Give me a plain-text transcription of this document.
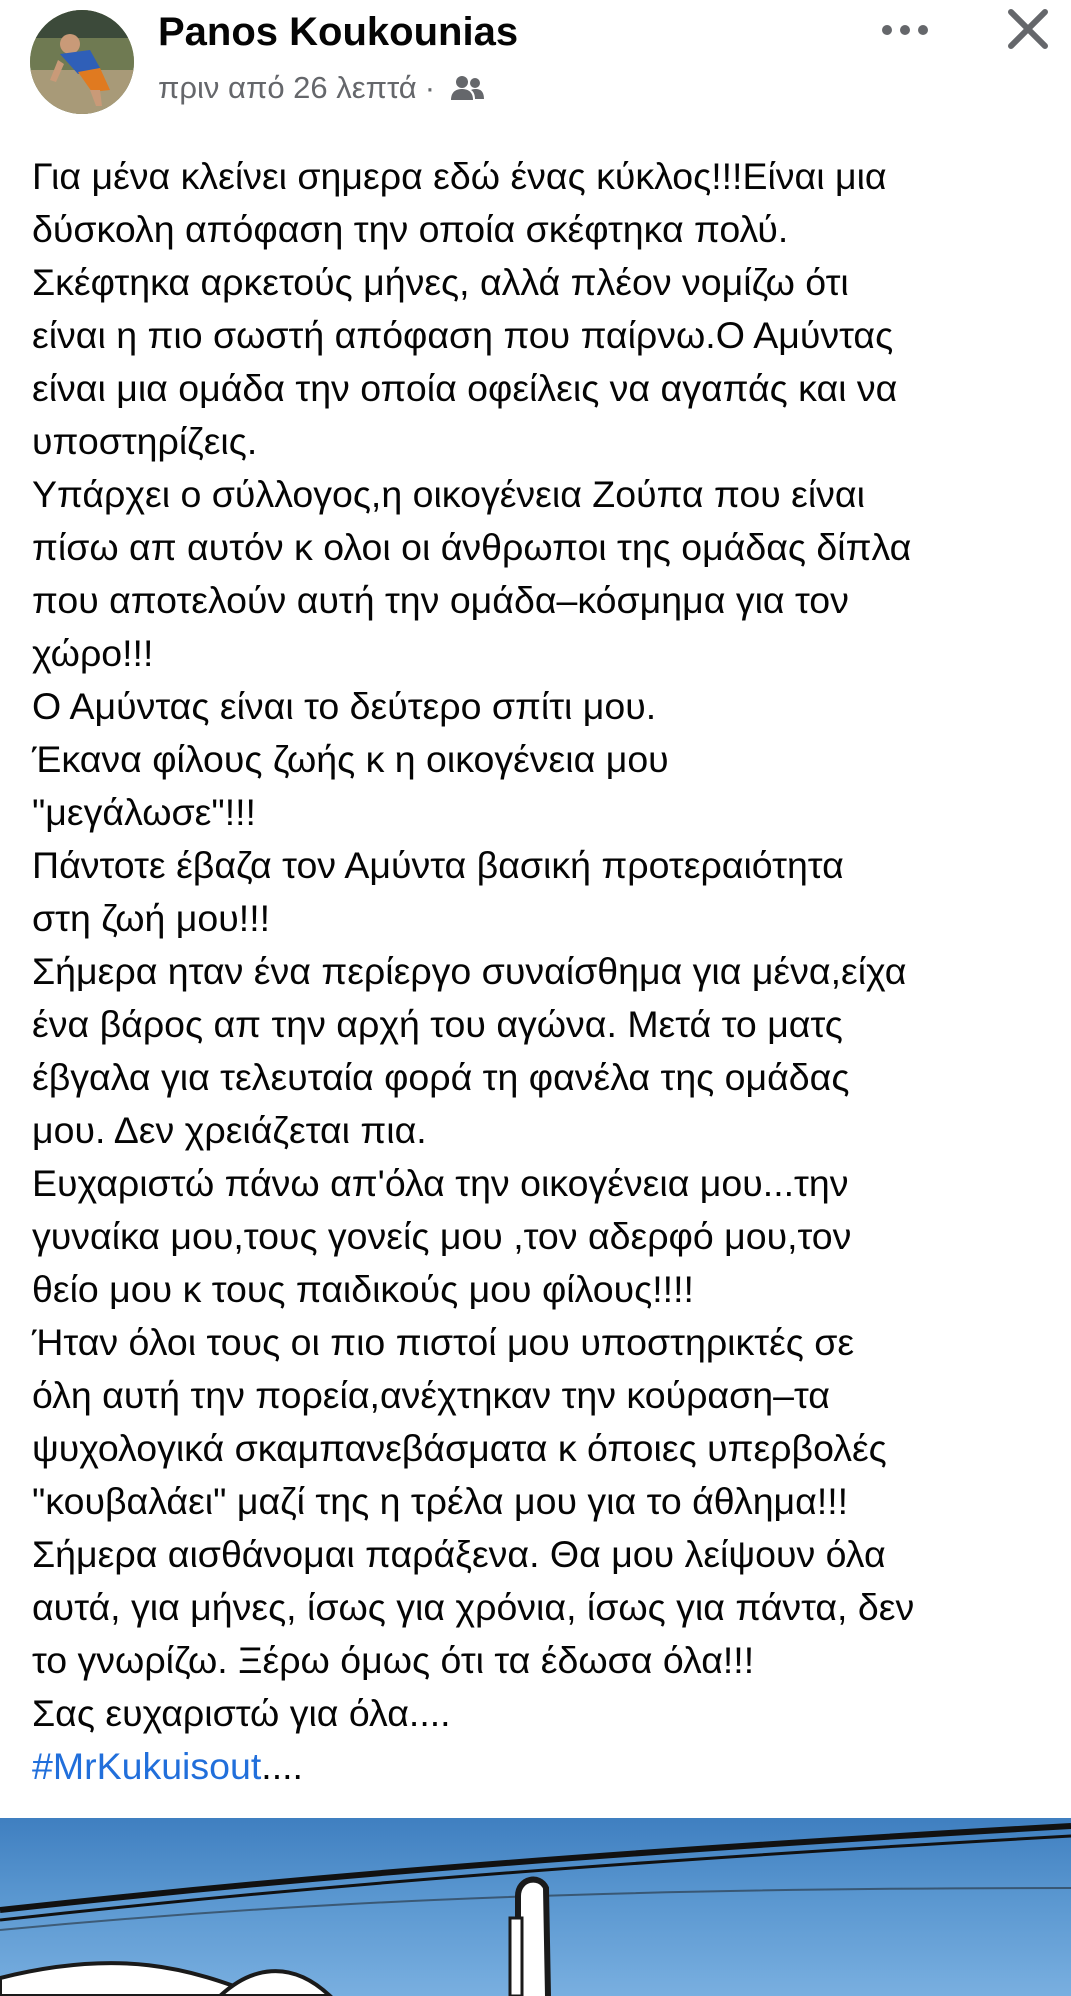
Panos Koukounias
πριν από 26 λεπτά ·
Για μένα κλείνει σημερα εδώ ένας κύκλος!!!Είναι μια
δύσκολη απόφαση την οποία σκέφτηκα πολύ.
Σκέφτηκα αρκετούς μήνες, αλλά πλέον νομίζω ότι
είναι η πιο σωστή απόφαση που παίρνω.Ο Αμύντας
είναι μια ομάδα την οποία οφείλεις να αγαπάς και να
υποστηρίζεις.
Υπάρχει ο σύλλογος,η οικογένεια Ζούπα που είναι
πίσω απ αυτόν κ ολοι οι άνθρωποι της ομάδας δίπλα
που αποτελούν αυτή την ομάδα–κόσμημα για τον
χώρο!!!
Ο Αμύντας είναι το δεύτερο σπίτι μου.
Έκανα φίλους ζωής κ η οικογένεια μου
"μεγάλωσε"!!!
Πάντοτε έβαζα τον Αμύντα βασική προτεραιότητα
στη ζωή μου!!!
Σήμερα ηταν ένα περίεργο συναίσθημα για μένα,είχα
ένα βάρος απ την αρχή του αγώνα. Μετά το ματς
έβγαλα για τελευταία φορά τη φανέλα της ομάδας
μου. Δεν χρειάζεται πια.
Ευχαριστώ πάνω απ'όλα την οικογένεια μου...την
γυναίκα μου,τους γονείς μου ,τον αδερφό μου,τον
θείο μου κ τους παιδικούς μου φίλους!!!!
Ήταν όλοι τους οι πιο πιστοί μου υποστηρικτές σε
όλη αυτή την πορεία,ανέχτηκαν την κούραση–τα
ψυχολογικά σκαμπανεβάσματα κ όποιες υπερβολές
"κουβαλάει" μαζί της η τρέλα μου για το άθλημα!!!
Σήμερα αισθάνομαι παράξενα. Θα μου λείψουν όλα
αυτά, για μήνες, ίσως για χρόνια, ίσως για πάντα, δεν
το γνωρίζω. Ξέρω όμως ότι τα έδωσα όλα!!!
Σας ευχαριστώ για όλα....
#MrKukuisout....
